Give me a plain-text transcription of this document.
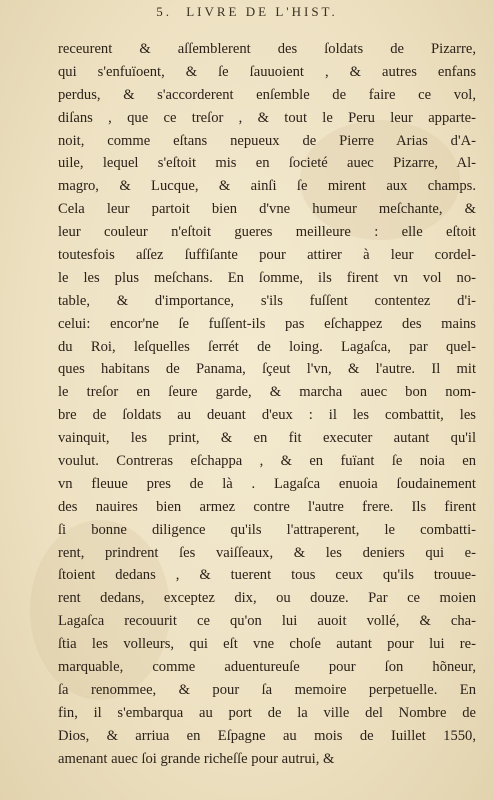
5. LIVRE DE L'HIST.
receurent & aſſemblerent des ſoldats de Pizarre,
qui s'enfuïoent, & ſe ſauuoient , & autres enfans
perdus, & s'accorderent enſemble de faire ce vol,
diſans , que ce treſor , & tout le Peru leur apparte-
noit, comme eſtans nepueux de Pierre Arias d'A-
uile, lequel s'eſtoit mis en ſocieté auec Pizarre, Al-
magro, & Lucque, & ainſi ſe mirent aux champs.
Cela leur partoit bien d'vne humeur meſchante, &
leur couleur n'eſtoit gueres meilleure : elle eſtoit
toutesfois aſſez ſuffiſante pour attirer à leur cordel-
le les plus meſchans. En ſomme, ils firent vn vol no-
table, & d'importance, s'ils fuſſent contentez d'i-
celui: encor'ne ſe fuſſent-ils pas eſchappez des mains
du Roi, leſquelles ſerrét de loing. Lagaſca, par quel-
ques habitans de Panama, ſçeut l'vn, & l'autre. Il mit
le treſor en ſeure garde, & marcha auec bon nom-
bre de ſoldats au deuant d'eux : il les combattit, les
vainquit, les print, & en fit executer autant qu'il
voulut. Contreras eſchappa , & en fuïant ſe noia en
vn fleuue pres de là . Lagaſca enuoia ſoudainement
des nauires bien armez contre l'autre frere. Ils firent
ſi bonne diligence qu'ils l'attraperent, le combatti-
rent, prindrent ſes vaiſſeaux, & les deniers qui e-
ſtoient dedans , & tuerent tous ceux qu'ils trouue-
rent dedans, exceptez dix, ou douze. Par ce moien
Lagaſca recouurit ce qu'on lui auoit vollé, & cha-
ſtia les volleurs, qui eſt vne choſe autant pour lui re-
marquable, comme aduentureuſe pour ſon hõneur,
ſa renommee, & pour ſa memoire perpetuelle. En
fin, il s'embarqua au port de la ville del Nombre de
Dios, & arriua en Eſpagne au mois de Iuillet 1550,
amenant auec ſoi grande richeſſe pour autrui, &
